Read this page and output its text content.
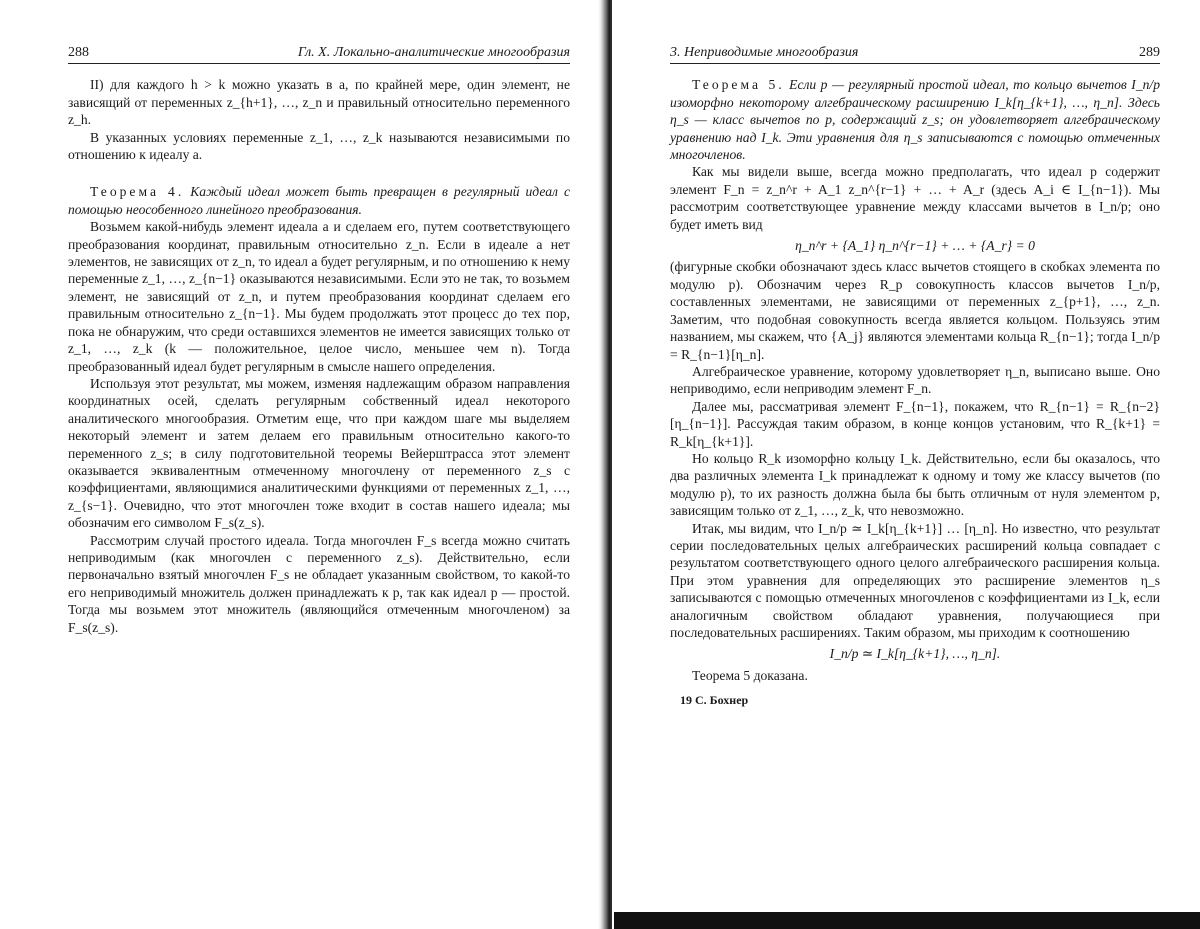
288	Гл. X. Локально-аналитические многообразия

II) для каждого h > k можно указать в a, по крайней мере, один элемент, не зависящий от переменных z_{h+1}, …, z_n и правильный относительно переменного z_h.

В указанных условиях переменные z_1, …, z_k называются независимыми по отношению к идеалу a.

Теорема 4. Каждый идеал может быть превращен в регулярный идеал с помощью неособенного линейного преобразования.

Возьмем какой-нибудь элемент идеала a и сделаем его, путем соответствующего преобразования координат, правильным относительно z_n. Если в идеале a нет элементов, не зависящих от z_n, то идеал a будет регулярным, и по отношению к нему переменные z_1, …, z_{n−1} оказываются независимыми. Если это не так, то возьмем элемент, не зависящий от z_n, и путем преобразования координат сделаем его правильным относительно z_{n−1}. Мы будем продолжать этот процесс до тех пор, пока не обнаружим, что среди оставшихся элементов не имеется зависящих только от z_1, …, z_k (k — положительное, целое число, меньшее чем n). Тогда преобразованный идеал будет регулярным в смысле нашего определения.

Используя этот результат, мы можем, изменяя надлежащим образом направления координатных осей, сделать регулярным собственный идеал некоторого аналитического многообразия. Отметим еще, что при каждом шаге мы выделяем некоторый элемент и затем делаем его правильным относительно какого-то переменного z_s; в силу подготовительной теоремы Вейерштрасса этот элемент оказывается эквивалентным отмеченному многочлену от переменного z_s с коэффициентами, являющимися аналитическими функциями от переменных z_1, …, z_{s−1}. Очевидно, что этот многочлен тоже входит в состав нашего идеала; мы обозначим его символом F_s(z_s).

Рассмотрим случай простого идеала. Тогда многочлен F_s всегда можно считать неприводимым (как многочлен с переменного z_s). Действительно, если первоначально взятый многочлен F_s не обладает указанным свойством, то какой-то его неприводимый множитель должен принадлежать к p, так как идеал p — простой. Тогда мы возьмем этот множитель (являющийся отмеченным многочленом) за F_s(z_s).

3. Неприводимые многообразия	289

Теорема 5. Если p — регулярный простой идеал, то кольцо вычетов I_n/p изоморфно некоторому алгебраическому расширению I_k[η_{k+1}, …, η_n]. Здесь η_s — класс вычетов по p, содержащий z_s; он удовлетворяет алгебраическому уравнению над I_k. Эти уравнения для η_s записываются с помощью отмеченных многочленов.

Как мы видели выше, всегда можно предполагать, что идеал p содержит элемент F_n = z_n^r + A_1 z_n^{r−1} + … + A_r (здесь A_i ∈ I_{n−1}). Мы рассмотрим соответствующее уравнение между классами вычетов в I_n/p; оно будет иметь вид

η_n^r + {A_1} η_n^{r−1} + … + {A_r} = 0

(фигурные скобки обозначают здесь класс вычетов стоящего в скобках элемента по модулю p). Обозначим через R_p совокупность классов вычетов I_n/p, составленных элементами, не зависящими от переменных z_{p+1}, …, z_n. Заметим, что подобная совокупность всегда является кольцом. Пользуясь этим названием, мы скажем, что {A_j} являются элементами кольца R_{n−1}; тогда I_n/p = R_{n−1}[η_n].

Алгебраическое уравнение, которому удовлетворяет η_n, выписано выше. Оно неприводимо, если неприводим элемент F_n.

Далее мы, рассматривая элемент F_{n−1}, покажем, что R_{n−1} = R_{n−2}[η_{n−1}]. Рассуждая таким образом, в конце концов установим, что R_{k+1} = R_k[η_{k+1}].

Но кольцо R_k изоморфно кольцу I_k. Действительно, если бы оказалось, что два различных элемента I_k принадлежат к одному и тому же классу вычетов (по модулю p), то их разность должна была бы быть отличным от нуля элементом p, зависящим только от z_1, …, z_k, что невозможно.

Итак, мы видим, что I_n/p ≃ I_k[η_{k+1}] … [η_n]. Но известно, что результат серии последовательных целых алгебраических расширений кольца совпадает с результатом соответствующего одного целого алгебраического расширения кольца. При этом уравнения для определяющих это расширение элементов η_s записываются с помощью отмеченных многочленов с коэффициентами из I_k, если аналогичным свойством обладают уравнения, получающиеся при последовательных расширениях. Таким образом, мы приходим к соотношению

I_n/p ≃ I_k[η_{k+1}, …, η_n].

Теорема 5 доказана.

19 С. Бохнер
